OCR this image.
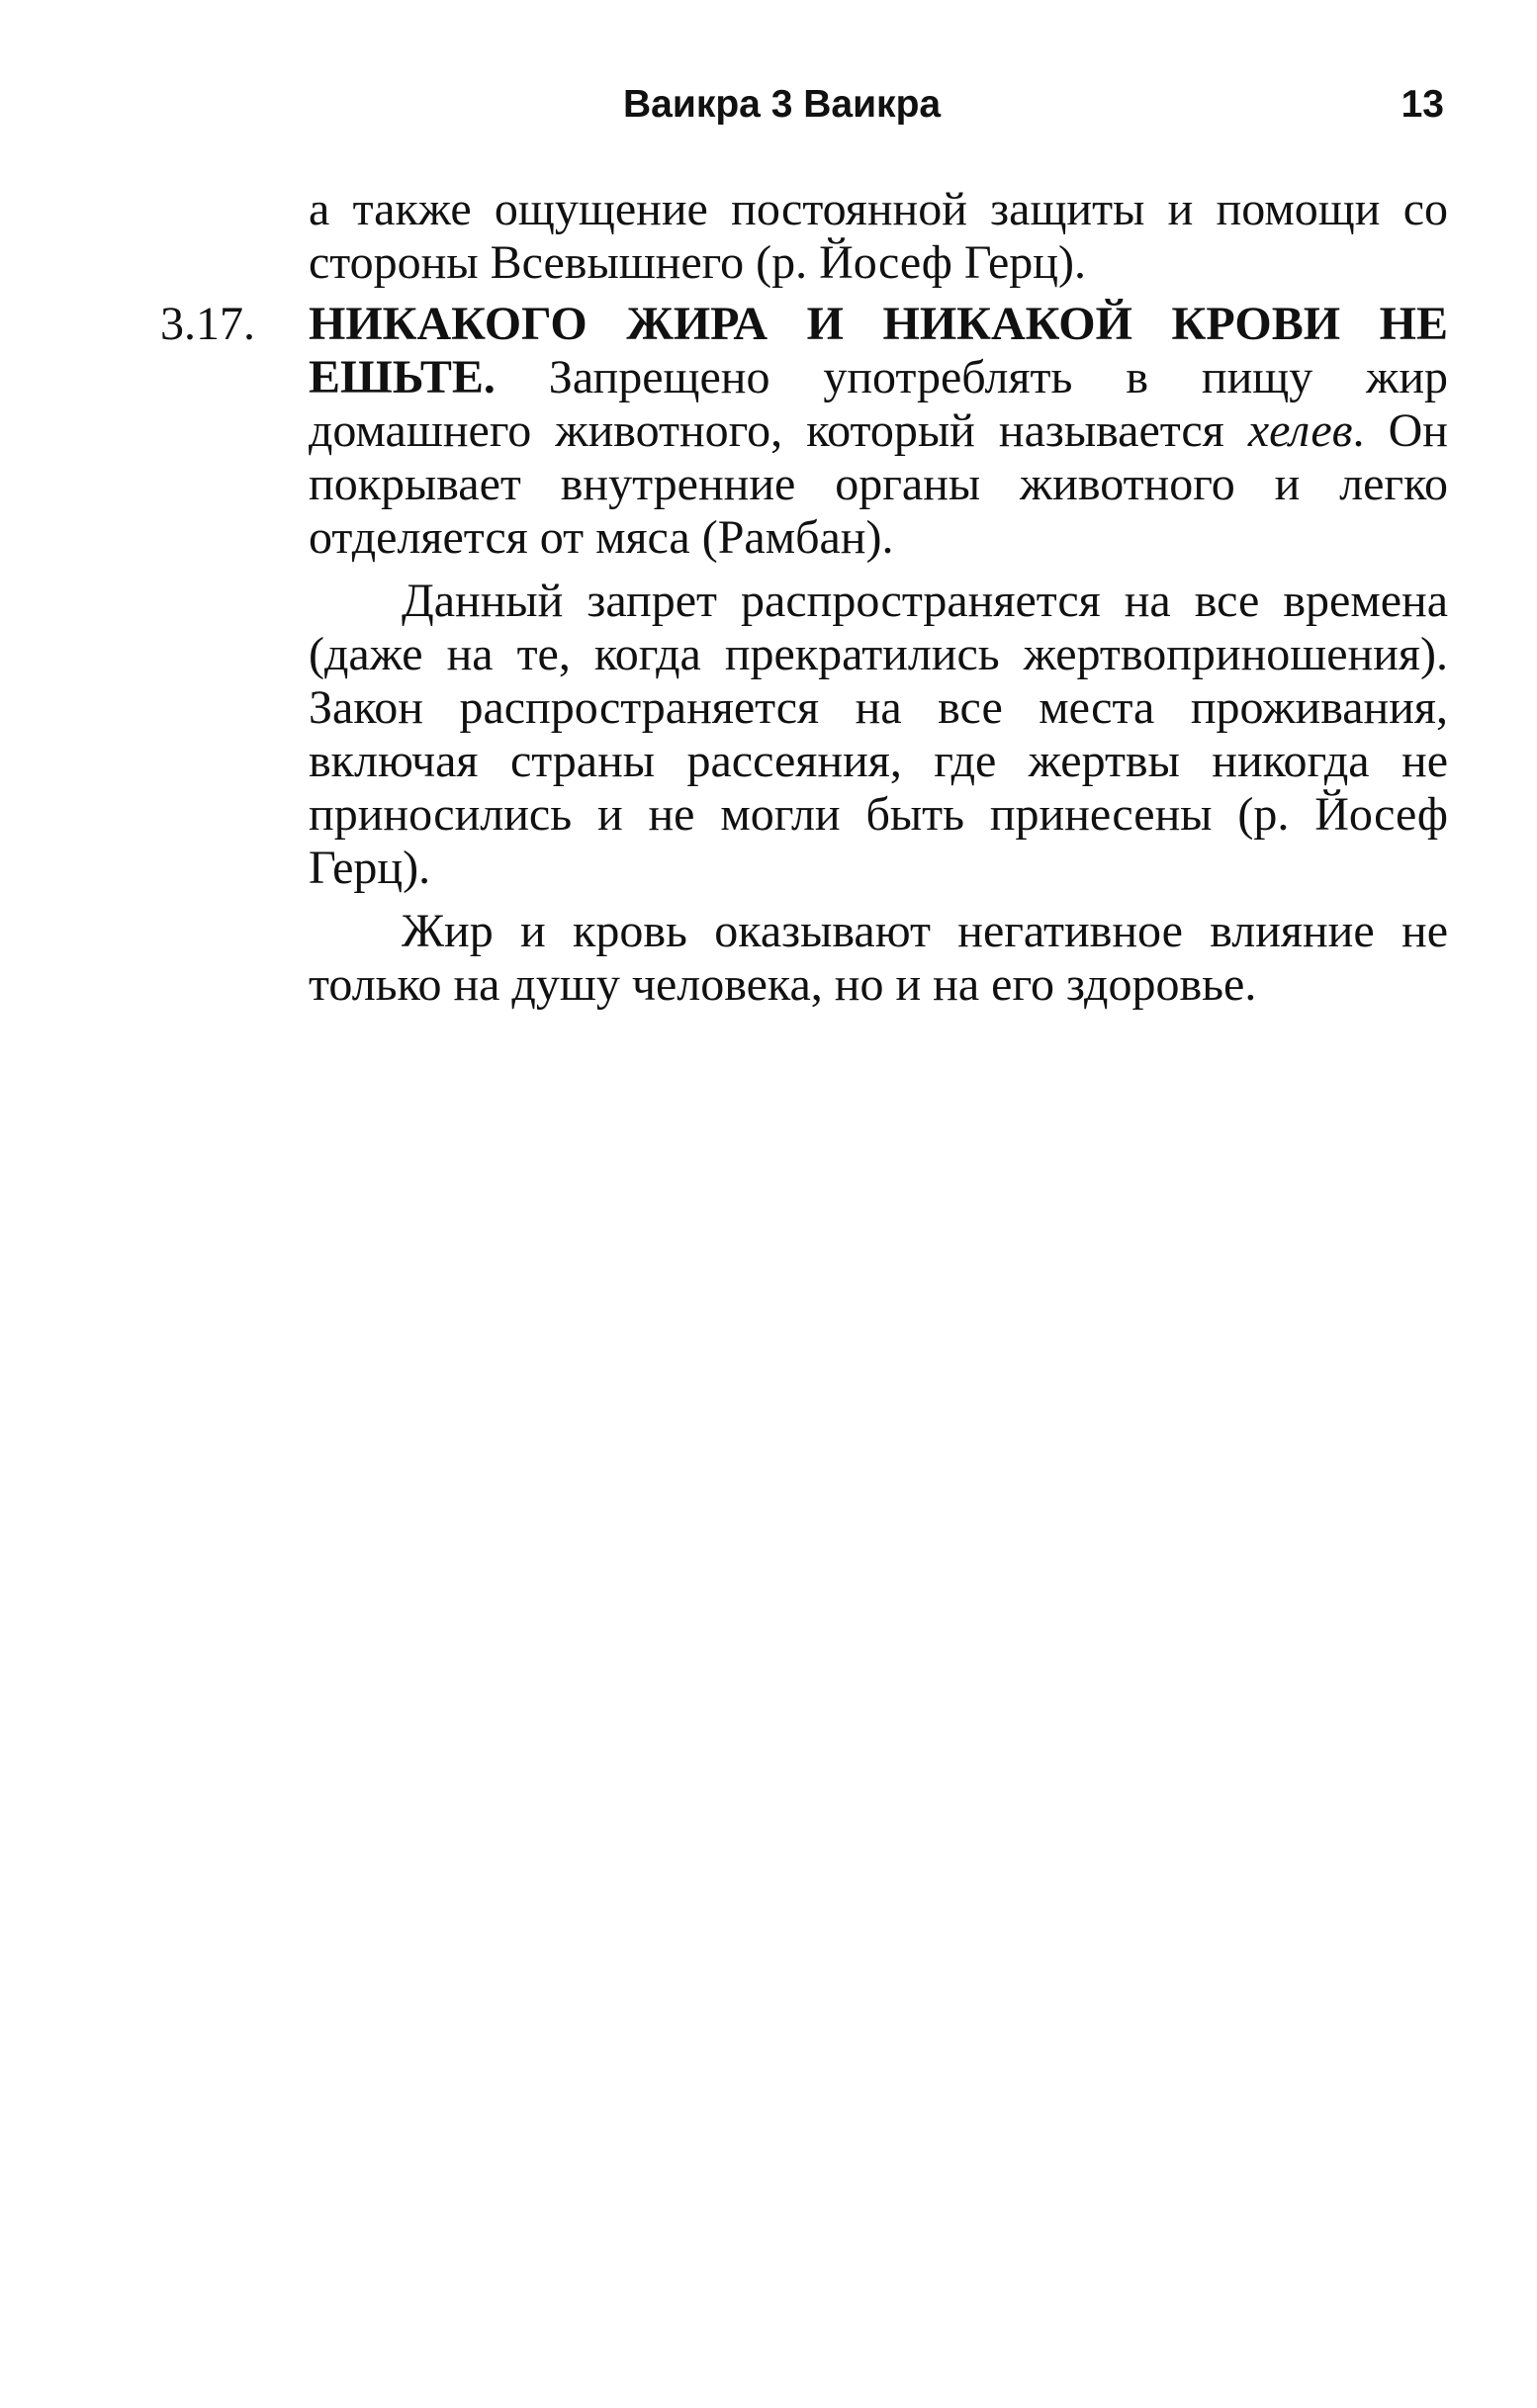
Ваикра 3 Ваикра	13

а также ощущение постоянной защиты и помощи со стороны Всевышнего (р. Йосеф Герц).

3.17. НИКАКОГО ЖИРА И НИКАКОЙ КРОВИ НЕ ЕШЬТЕ. Запрещено употреблять в пищу жир домашнего животного, который называется хелев. Он покрывает внутренние органы животного и легко отделяется от мяса (Рамбан).

Данный запрет распространяется на все времена (даже на те, когда прекратились жертвоприношения). Закон распространяется на все места проживания, включая страны рассеяния, где жертвы никогда не приносились и не могли быть принесены (р. Йосеф Герц).

Жир и кровь оказывают негативное влияние не только на душу человека, но и на его здоровье.
